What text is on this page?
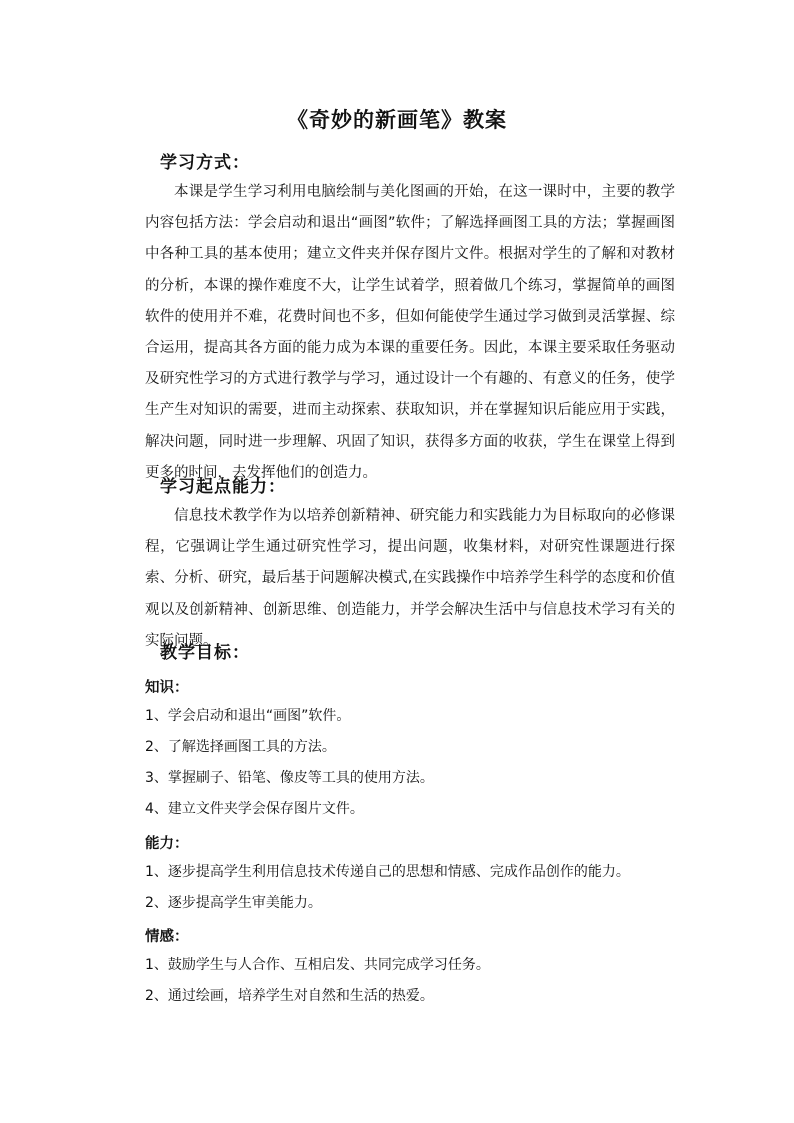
《奇妙的新画笔》教案
学习方式：

本课是学生学习利用电脑绘制与美化图画的开始，在这一课时中，主要的教学内容包括方法：学会启动和退出“画图”软件；了解选择画图工具的方法；掌握画图中各种工具的基本使用；建立文件夹并保存图片文件。根据对学生的了解和对教材的分析，本课的操作难度不大，让学生试着学，照着做几个练习，掌握简单的画图软件的使用并不难，花费时间也不多，但如何能使学生通过学习做到灵活掌握、综合运用，提高其各方面的能力成为本课的重要任务。因此，本课主要采取任务驱动及研究性学习的方式进行教学与学习，通过设计一个有趣的、有意义的任务，使学生产生对知识的需要，进而主动探索、获取知识，并在掌握知识后能应用于实践，解决问题，同时进一步理解、巩固了知识，获得多方面的收获，学生在课堂上得到更多的时间，去发挥他们的创造力。

学习起点能力：

信息技术教学作为以培养创新精神、研究能力和实践能力为目标取向的必修课程，它强调让学生通过研究性学习，提出问题，收集材料，对研究性课题进行探索、分析、研究，最后基于问题解决模式,在实践操作中培养学生科学的态度和价值观以及创新精神、创新思维、创造能力，并学会解决生活中与信息技术学习有关的实际问题。

教学目标：
知识：
1、学会启动和退出“画图”软件。
2、了解选择画图工具的方法。
3、掌握刷子、铅笔、像皮等工具的使用方法。
4、建立文件夹学会保存图片文件。
能力：
1、逐步提高学生利用信息技术传递自己的思想和情感、完成作品创作的能力。
2、逐步提高学生审美能力。
情感：
1、鼓励学生与人合作、互相启发、共同完成学习任务。
2、通过绘画，培养学生对自然和生活的热爱。
